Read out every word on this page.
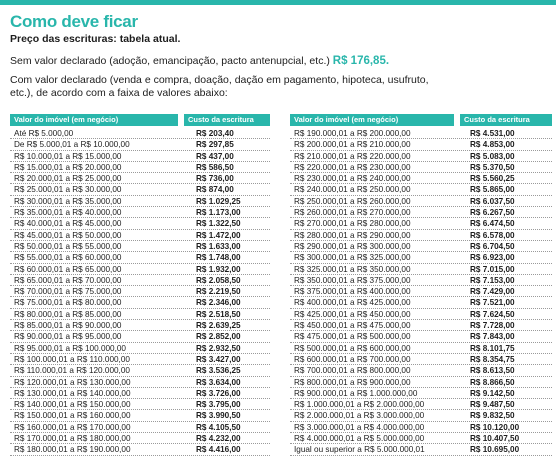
Como deve ficar
Preço das escrituras: tabela atual.
Sem valor declarado (adoção, emancipação, pacto antenupcial, etc.) R$ 176,85.
Com valor declarado (venda e compra, doação, dação em pagamento, hipoteca, usufruto, etc.), de acordo com a faixa de valores abaixo:
Valor do imóvel (em negócio)	Custo da escritura
Até R$ 5.000,00	R$ 203,40
De R$ 5.000,01 a R$ 10.000,00	R$ 297,85
R$ 10.000,01 a R$ 15.000,00	R$ 437,00
R$ 15.000,01 a R$ 20.000,00	R$ 586,50
R$ 20.000,01 a R$ 25.000,00	R$ 736,00
R$ 25.000,01 a R$ 30.000,00	R$ 874,00
R$ 30.000,01 a R$ 35.000,00	R$ 1.029,25
R$ 35.000,01 a R$ 40.000,00	R$ 1.173,00
R$ 40.000,01 a R$ 45.000,00	R$ 1.322,50
R$ 45.000,01 a R$ 50.000,00	R$ 1.472,00
R$ 50.000,01 a R$ 55.000,00	R$ 1.633,00
R$ 55.000,01 a R$ 60.000,00	R$ 1.748,00
R$ 60.000,01 a R$ 65.000,00	R$ 1.932,00
R$ 65.000,01 a R$ 70.000,00	R$ 2.058,50
R$ 70.000,01 a R$ 75.000,00	R$ 2.219,50
R$ 75.000,01 a R$ 80.000,00	R$ 2.346,00
R$ 80.000,01 a R$ 85.000,00	R$ 2.518,50
R$ 85.000,01 a R$ 90.000,00	R$ 2.639,25
R$ 90.000,01 a R$ 95.000,00	R$ 2.852,00
R$ 95.000,01 a R$ 100.000,00	R$ 2.932,50
R$ 100.000,01 a R$ 110.000,00	R$ 3.427,00
R$ 110.000,01 a R$ 120.000,00	R$ 3.536,25
R$ 120.000,01 a R$ 130.000,00	R$ 3.634,00
R$ 130.000,01 a R$ 140.000,00	R$ 3.726,00
R$ 140.000,01 a R$ 150.000,00	R$ 3.795,00
R$ 150.000,01 a R$ 160.000,00	R$ 3.990,50
R$ 160.000,01 a R$ 170.000,00	R$ 4.105,50
R$ 170.000,01 a R$ 180.000,00	R$ 4.232,00
R$ 180.000,01 a R$ 190.000,00	R$ 4.416,00
Valor do imóvel (em negócio)	Custo da escritura
R$ 190.000,01 a R$ 200.000,00	R$ 4.531,00
R$ 200.000,01 a R$ 210.000,00	R$ 4.853,00
R$ 210.000,01 a R$ 220.000,00	R$ 5.083,00
R$ 220.000,01 a R$ 230.000,00	R$ 5.370,50
R$ 230.000,01 a R$ 240.000,00	R$ 5.560,25
R$ 240.000,01 a R$ 250.000,00	R$ 5.865,00
R$ 250.000,01 a R$ 260.000,00	R$ 6.037,50
R$ 260.000,01 a R$ 270.000,00	R$ 6.267,50
R$ 270.000,01 a R$ 280.000,00	R$ 6.474,50
R$ 280.000,01 a R$ 290.000,00	R$ 6.578,00
R$ 290.000,01 a R$ 300.000,00	R$ 6.704,50
R$ 300.000,01 a R$ 325.000,00	R$ 6.923,00
R$ 325.000,01 a R$ 350.000,00	R$ 7.015,00
R$ 350.000,01 a R$ 375.000,00	R$ 7.153,00
R$ 375.000,01 a R$ 400.000,00	R$ 7.429,00
R$ 400.000,01 a R$ 425.000,00	R$ 7.521,00
R$ 425.000,01 a R$ 450.000,00	R$ 7.624,50
R$ 450.000,01 a R$ 475.000,00	R$ 7.728,00
R$ 475.000,01 a R$ 500.000,00	R$ 7.843,00
R$ 500.000,01 a R$ 600.000,00	R$ 8.101,75
R$ 600.000,01 a R$ 700.000,00	R$ 8.354,75
R$ 700.000,01 a R$ 800.000,00	R$ 8.613,50
R$ 800.000,01 a R$ 900.000,00	R$ 8.866,50
R$ 900.000,01 a R$ 1.000.000,00	R$ 9.142,50
R$ 1.000.000,01 a R$ 2.000.000,00	R$ 9.487,50
R$ 2.000.000,01 a R$ 3.000.000,00	R$ 9.832,50
R$ 3.000.000,01 a R$ 4.000.000,00	R$ 10.120,00
R$ 4.000.000,01 a R$ 5.000.000,00	R$ 10.407,50
Igual ou superior a R$ 5.000.000,01	R$ 10.695,00
